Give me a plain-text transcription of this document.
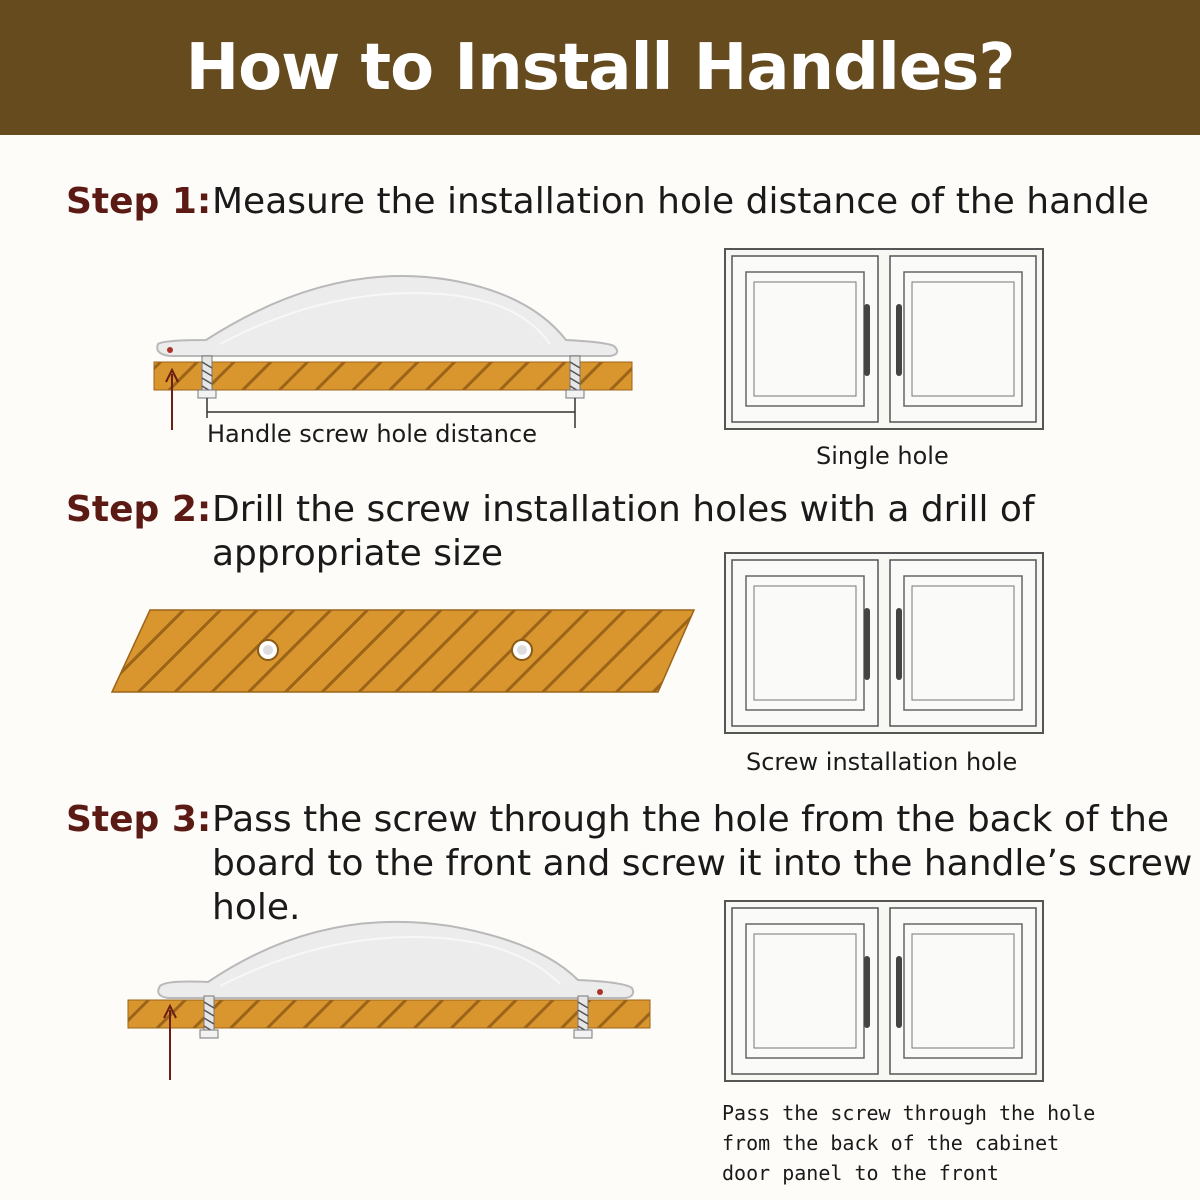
How to Install Handles?
Step 1: Measure the installation hole distance of the handle
Handle screw hole distance
Single hole
Step 2: Drill the screw installation holes with a drill of
appropriate size
Screw installation hole
Step 3: Pass the screw through the hole from the back of the
board to the front and screw it into the handle’s screw hole.
Pass the screw through the hole
from the back of the cabinet
door panel to the front
